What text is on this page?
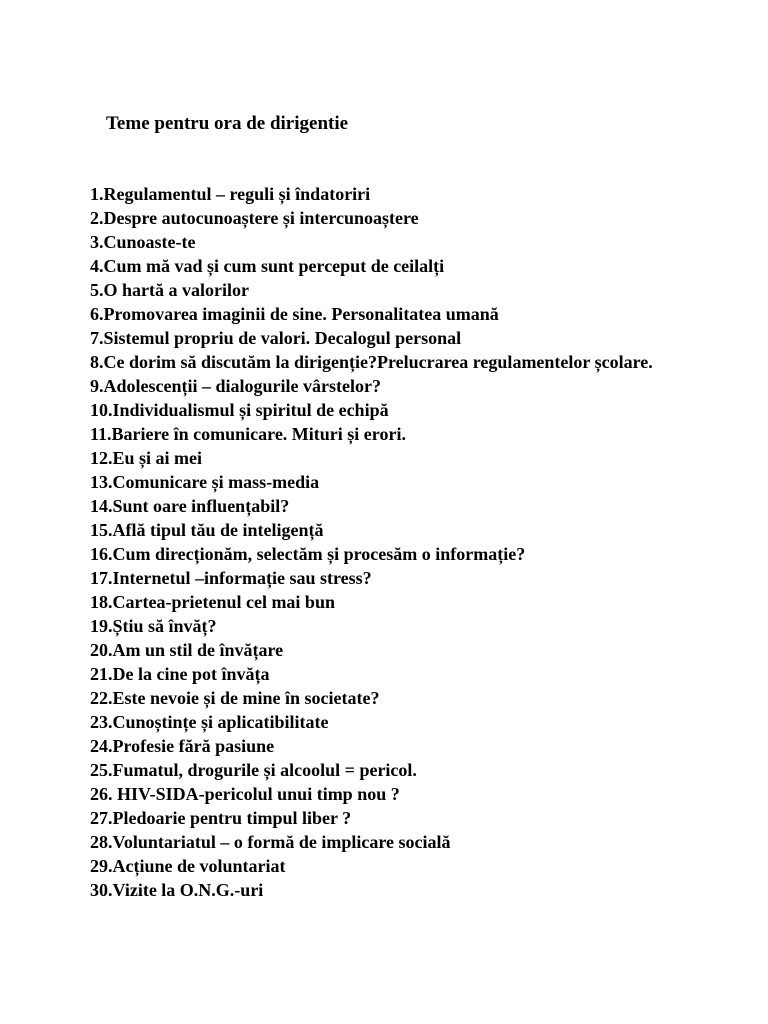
Teme pentru ora de dirigentie
1.Regulamentul – reguli și îndatoriri
2.Despre autocunoaștere și intercunoaștere
3.Cunoaste-te
4.Cum mă vad și cum sunt perceput de ceilalți
5.O hartă a valorilor
6.Promovarea imaginii de sine. Personalitatea umană
7.Sistemul propriu de valori. Decalogul personal
8.Ce dorim să discutăm la dirigenție?Prelucrarea regulamentelor școlare.
9.Adolescenții – dialogurile vârstelor?
10.Individualismul și spiritul de echipă
11.Bariere în comunicare. Mituri și erori.
12.Eu și ai mei
13.Comunicare și mass-media
14.Sunt oare influențabil?
15.Află tipul tău de inteligență
16.Cum direcționăm, selectăm și procesăm o informație?
17.Internetul –informație sau stress?
18.Cartea-prietenul cel mai bun
19.Știu să învăț?
20.Am un stil de învățare
21.De la cine pot învăța
22.Este nevoie și de mine în societate?
23.Cunoștințe și aplicatibilitate
24.Profesie fără pasiune
25.Fumatul, drogurile și alcoolul = pericol.
26. HIV-SIDA-pericolul unui timp nou ?
27.Pledoarie pentru timpul liber ?
28.Voluntariatul – o formă de implicare socială
29.Acțiune de voluntariat
30.Vizite la O.N.G.-uri
